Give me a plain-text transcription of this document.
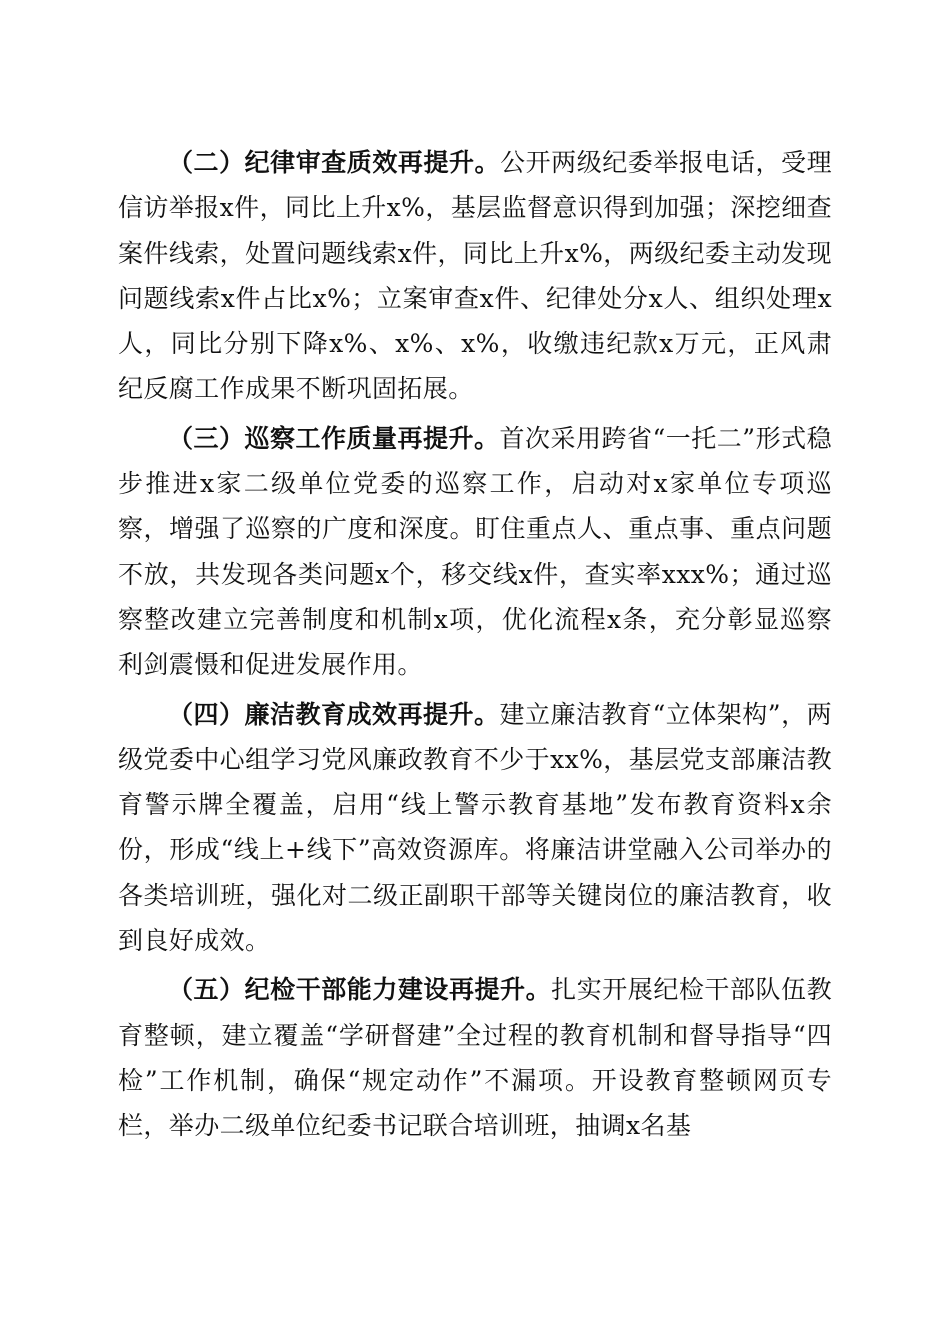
（二）纪律审查质效再提升。公开两级纪委举报电话，受理信访举报x件，同比上升x%，基层监督意识得到加强；深挖细查案件线索，处置问题线索x件，同比上升x%，两级纪委主动发现问题线索x件占比x%；立案审查x件、纪律处分x人、组织处理x人，同比分别下降x%、x%、x%，收缴违纪款x万元，正风肃纪反腐工作成果不断巩固拓展。

（三）巡察工作质量再提升。首次采用跨省“一托二”形式稳步推进x家二级单位党委的巡察工作，启动对x家单位专项巡察，增强了巡察的广度和深度。盯住重点人、重点事、重点问题不放，共发现各类问题x个，移交线x件，查实率xxx%；通过巡察整改建立完善制度和机制x项，优化流程x条，充分彰显巡察利剑震慑和促进发展作用。

（四）廉洁教育成效再提升。建立廉洁教育“立体架构”，两级党委中心组学习党风廉政教育不少于xx%，基层党支部廉洁教育警示牌全覆盖，启用“线上警示教育基地”发布教育资料x余份，形成“线上+线下”高效资源库。将廉洁讲堂融入公司举办的各类培训班，强化对二级正副职干部等关键岗位的廉洁教育，收到良好成效。

（五）纪检干部能力建设再提升。扎实开展纪检干部队伍教育整顿，建立覆盖“学研督建”全过程的教育机制和督导指导“四检”工作机制，确保“规定动作”不漏项。开设教育整顿网页专栏，举办二级单位纪委书记联合培训班，抽调x名基
